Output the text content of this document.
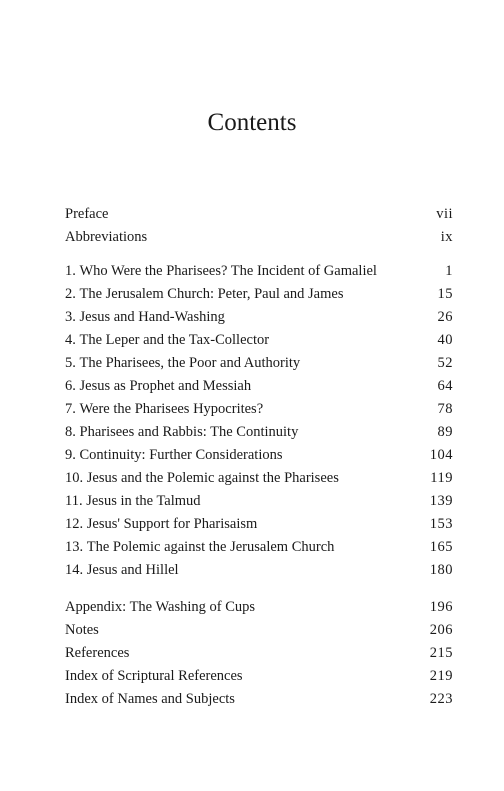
Contents
Preface	vii
Abbreviations	ix
1. Who Were the Pharisees? The Incident of Gamaliel	1
2. The Jerusalem Church: Peter, Paul and James	15
3. Jesus and Hand-Washing	26
4. The Leper and the Tax-Collector	40
5. The Pharisees, the Poor and Authority	52
6. Jesus as Prophet and Messiah	64
7. Were the Pharisees Hypocrites?	78
8. Pharisees and Rabbis: The Continuity	89
9. Continuity: Further Considerations	104
10. Jesus and the Polemic against the Pharisees	119
11. Jesus in the Talmud	139
12. Jesus' Support for Pharisaism	153
13. The Polemic against the Jerusalem Church	165
14. Jesus and Hillel	180
Appendix: The Washing of Cups	196
Notes	206
References	215
Index of Scriptural References	219
Index of Names and Subjects	223
